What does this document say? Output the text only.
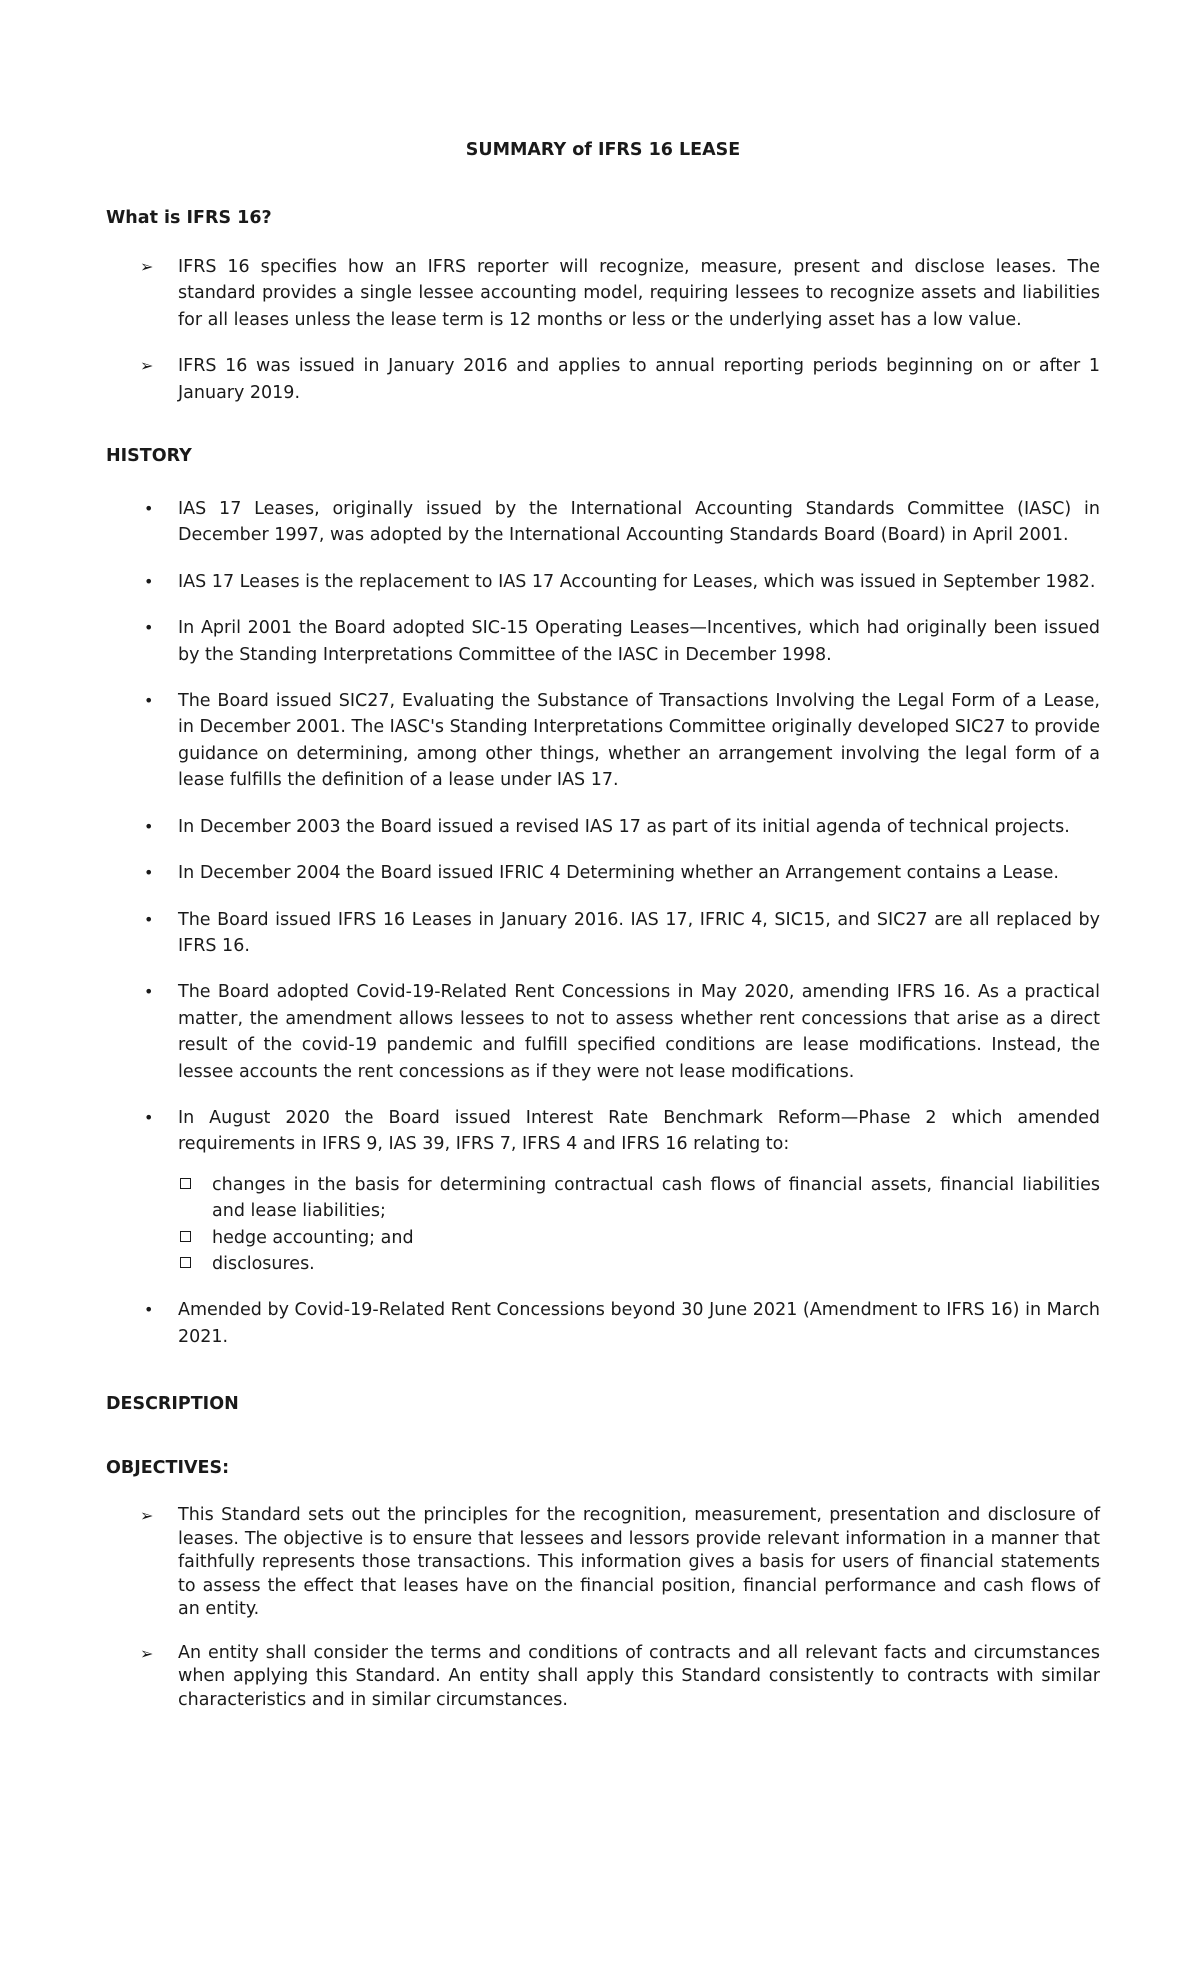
SUMMARY of IFRS 16 LEASE
What is IFRS 16?
➢ IFRS 16 specifies how an IFRS reporter will recognize, measure, present and disclose leases. The standard provides a single lessee accounting model, requiring lessees to recognize assets and liabilities for all leases unless the lease term is 12 months or less or the underlying asset has a low value.
➢ IFRS 16 was issued in January 2016 and applies to annual reporting periods beginning on or after 1 January 2019.
HISTORY
• IAS 17 Leases, originally issued by the International Accounting Standards Committee (IASC) in December 1997, was adopted by the International Accounting Standards Board (Board) in April 2001.
• IAS 17 Leases is the replacement to IAS 17 Accounting for Leases, which was issued in September 1982.
• In April 2001 the Board adopted SIC-15 Operating Leases—Incentives, which had originally been issued by the Standing Interpretations Committee of the IASC in December 1998.
• The Board issued SIC27, Evaluating the Substance of Transactions Involving the Legal Form of a Lease, in December 2001. The IASC's Standing Interpretations Committee originally developed SIC27 to provide guidance on determining, among other things, whether an arrangement involving the legal form of a lease fulfills the definition of a lease under IAS 17.
• In December 2003 the Board issued a revised IAS 17 as part of its initial agenda of technical projects.
• In December 2004 the Board issued IFRIC 4 Determining whether an Arrangement contains a Lease.
• The Board issued IFRS 16 Leases in January 2016. IAS 17, IFRIC 4, SIC15, and SIC27 are all replaced by IFRS 16.
• The Board adopted Covid-19-Related Rent Concessions in May 2020, amending IFRS 16. As a practical matter, the amendment allows lessees to not to assess whether rent concessions that arise as a direct result of the covid-19 pandemic and fulfill specified conditions are lease modifications. Instead, the lessee accounts the rent concessions as if they were not lease modifications.
• In August 2020 the Board issued Interest Rate Benchmark Reform—Phase 2 which amended requirements in IFRS 9, IAS 39, IFRS 7, IFRS 4 and IFRS 16 relating to:
changes in the basis for determining contractual cash flows of financial assets, financial liabilities and lease liabilities;
hedge accounting; and
disclosures.
• Amended by Covid-19-Related Rent Concessions beyond 30 June 2021 (Amendment to IFRS 16) in March 2021.
DESCRIPTION
OBJECTIVES:
➢ This Standard sets out the principles for the recognition, measurement, presentation and disclosure of leases. The objective is to ensure that lessees and lessors provide relevant information in a manner that faithfully represents those transactions. This information gives a basis for users of financial statements to assess the effect that leases have on the financial position, financial performance and cash flows of an entity.
➢ An entity shall consider the terms and conditions of contracts and all relevant facts and circumstances when applying this Standard. An entity shall apply this Standard consistently to contracts with similar characteristics and in similar circumstances.
